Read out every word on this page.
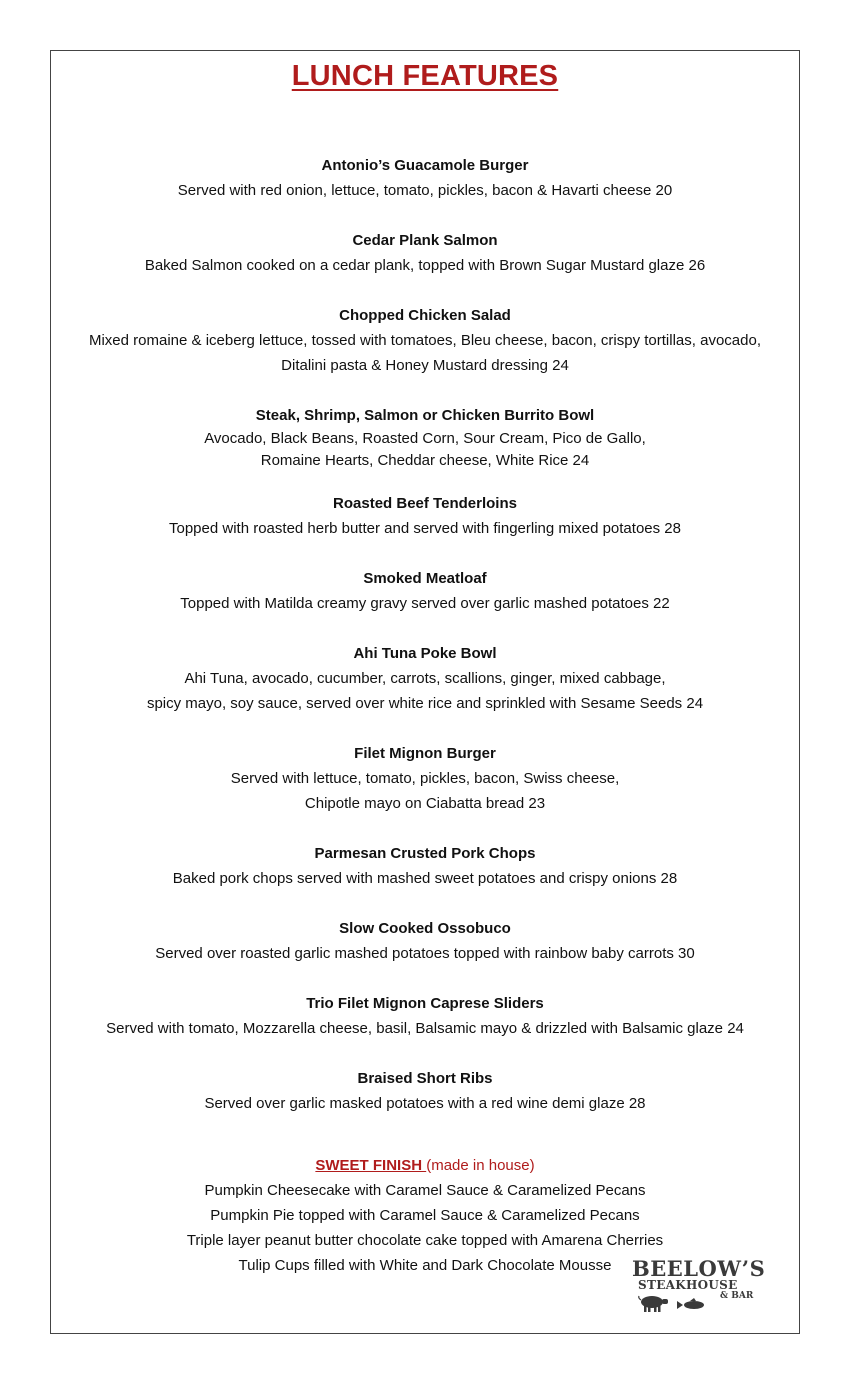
LUNCH FEATURES
Antonio’s Guacamole Burger
Served with red onion, lettuce, tomato, pickles, bacon & Havarti cheese 20
Cedar Plank Salmon
Baked Salmon cooked on a cedar plank, topped with Brown Sugar Mustard glaze 26
Chopped Chicken Salad
Mixed romaine & iceberg lettuce, tossed with tomatoes, Bleu cheese, bacon, crispy tortillas, avocado,
Ditalini pasta & Honey Mustard dressing 24
Steak, Shrimp, Salmon or Chicken Burrito Bowl
Avocado, Black Beans, Roasted Corn, Sour Cream, Pico de Gallo,
Romaine Hearts, Cheddar cheese, White Rice 24
Roasted Beef Tenderloins
Topped with roasted herb butter and served with fingerling mixed potatoes 28
Smoked Meatloaf
Topped with Matilda creamy gravy served over garlic mashed potatoes 22
Ahi Tuna Poke Bowl
Ahi Tuna, avocado, cucumber, carrots, scallions, ginger, mixed cabbage,
spicy mayo, soy sauce, served over white rice and sprinkled with Sesame Seeds 24
Filet Mignon Burger
Served with lettuce, tomato, pickles, bacon, Swiss cheese,
Chipotle mayo on Ciabatta bread 23
Parmesan Crusted Pork Chops
Baked pork chops served with mashed sweet potatoes and crispy onions 28
Slow Cooked Ossobuco
Served over roasted garlic mashed potatoes topped with rainbow baby carrots 30
Trio Filet Mignon Caprese Sliders
Served with tomato, Mozzarella cheese, basil, Balsamic mayo & drizzled with Balsamic glaze 24
Braised Short Ribs
Served over garlic masked potatoes with a red wine demi glaze 28
SWEET FINISH (made in house)
Pumpkin Cheesecake with Caramel Sauce & Caramelized Pecans
Pumpkin Pie topped with Caramel Sauce & Caramelized Pecans
Triple layer peanut butter chocolate cake topped with Amarena Cherries
Tulip Cups filled with White and Dark Chocolate Mousse BEELOW’S
STEAKHOUSE
& BAR
